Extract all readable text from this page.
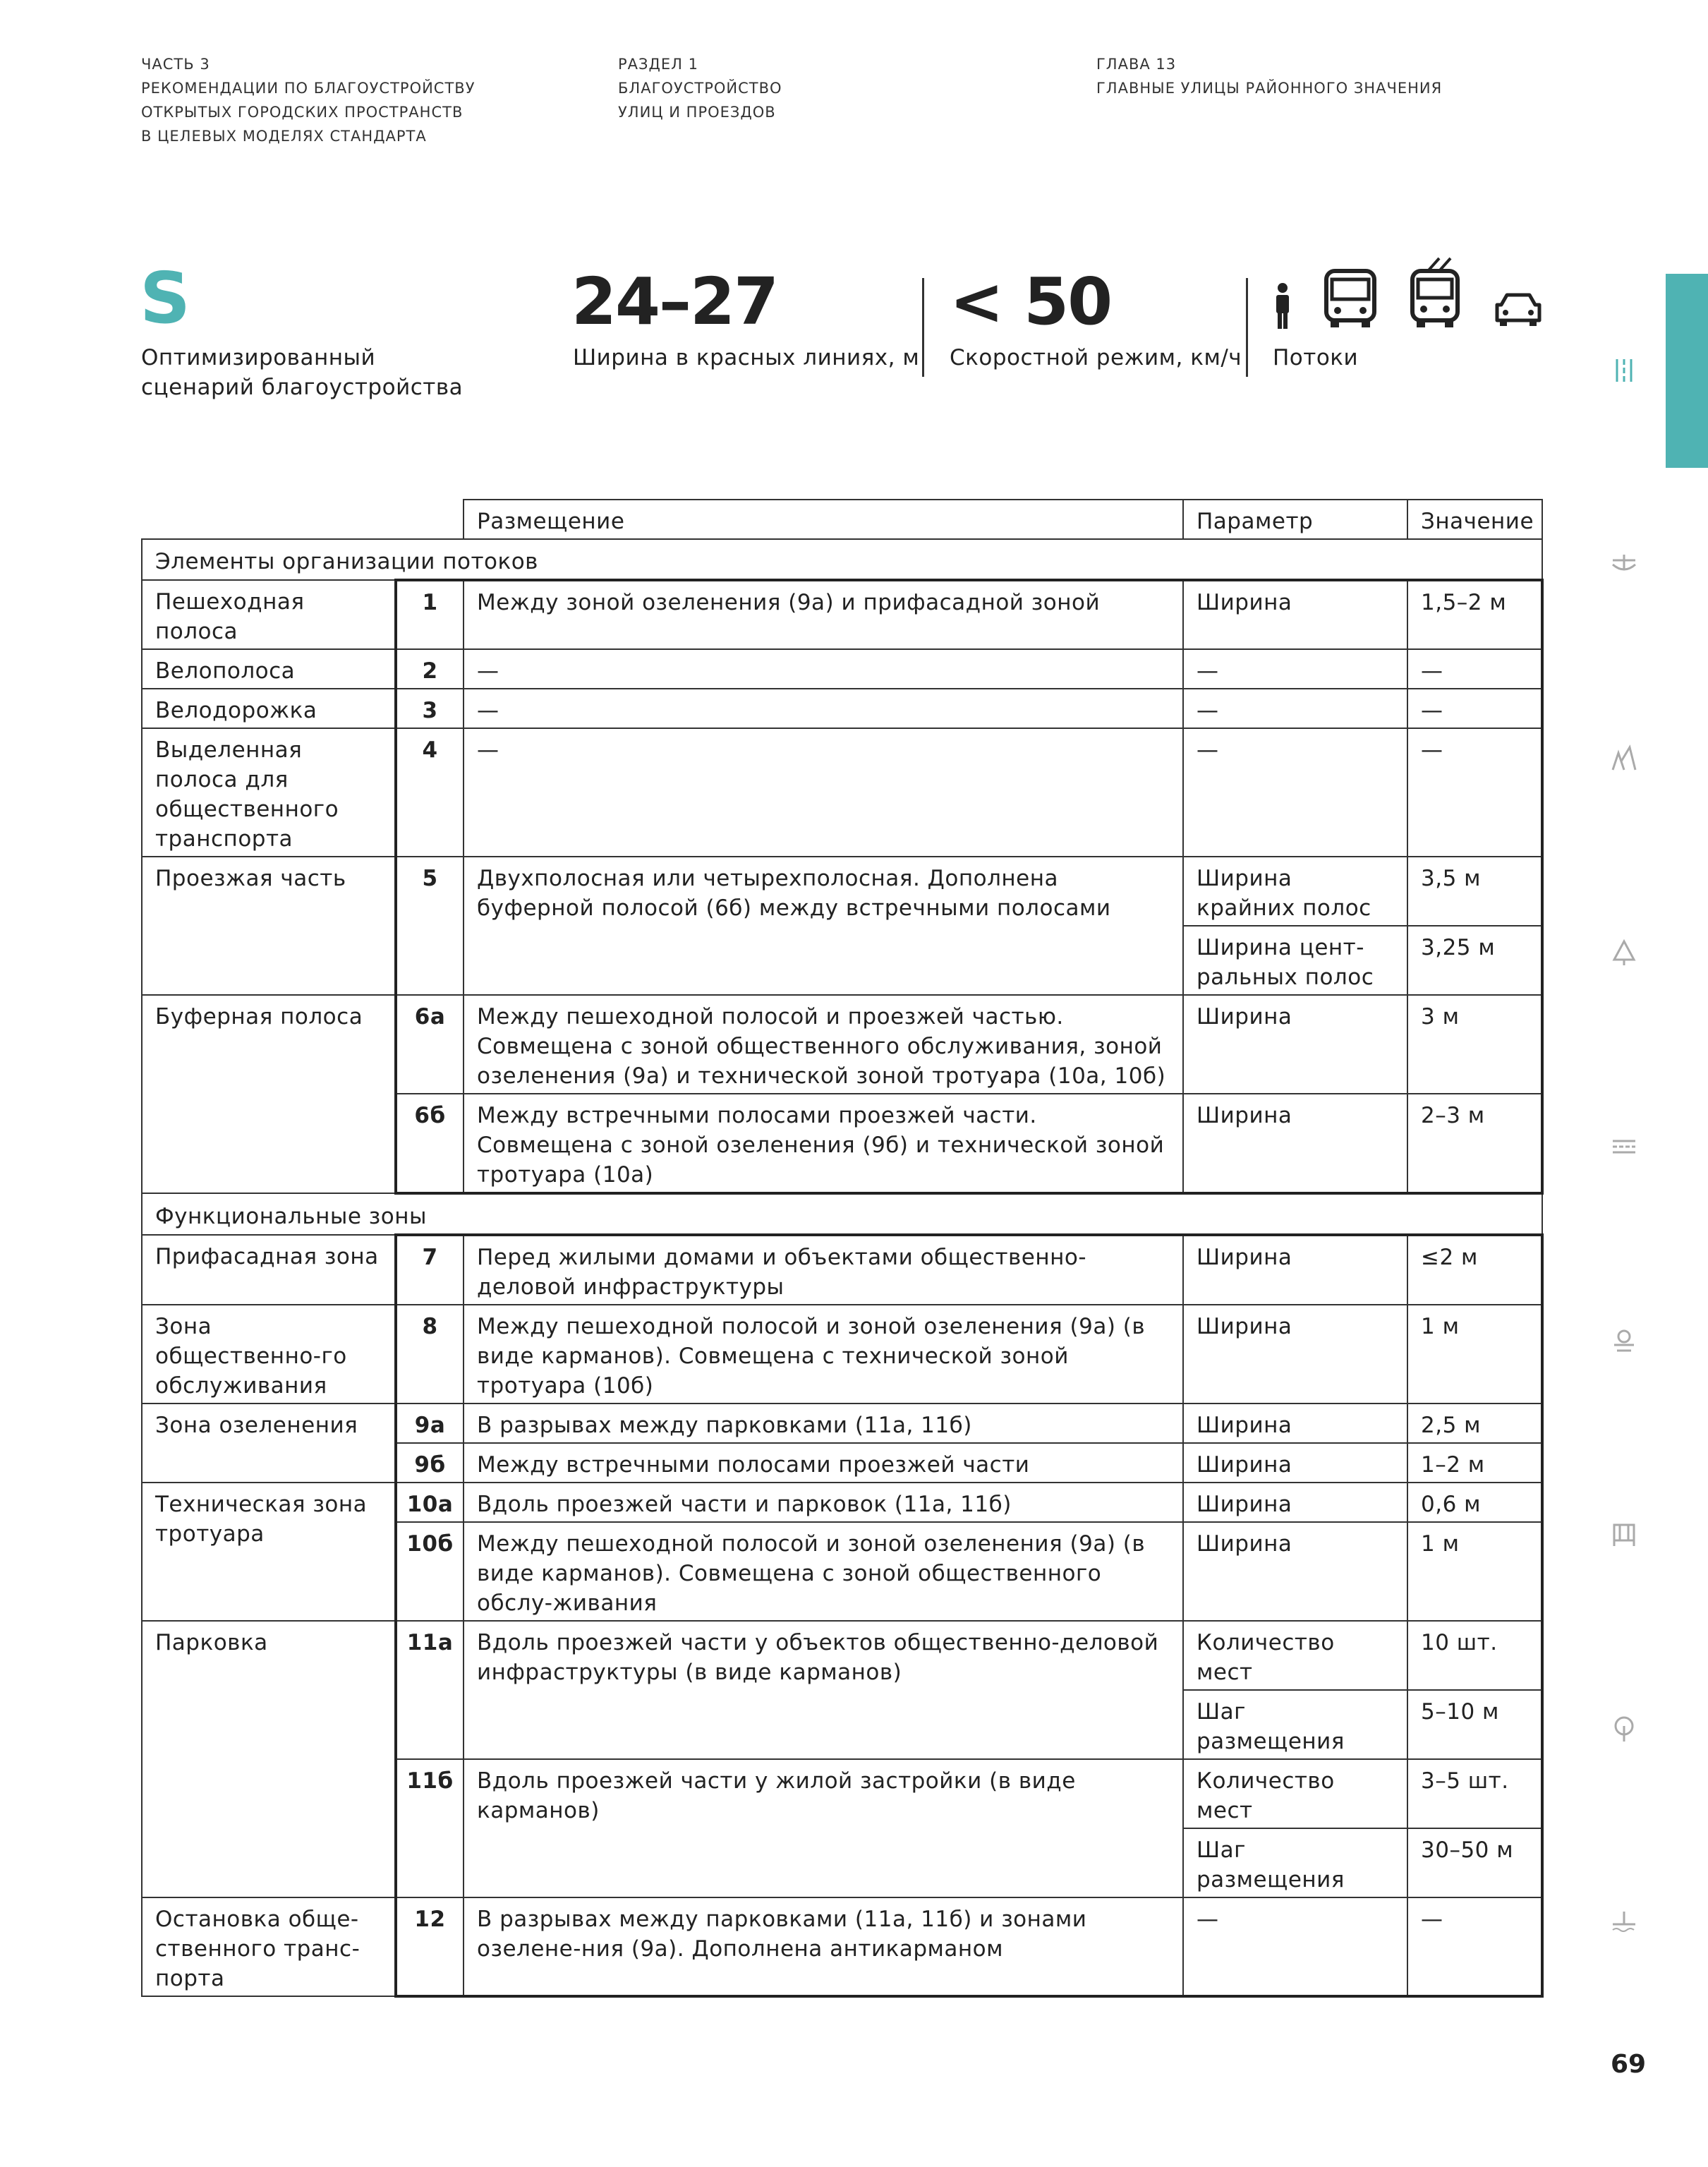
ЧАСТЬ 3
РЕКОМЕНДАЦИИ ПО БЛАГОУСТРОЙСТВУ
ОТКРЫТЫХ ГОРОДСКИХ ПРОСТРАНСТВ
В ЦЕЛЕВЫХ МОДЕЛЯХ СТАНДАРТА
РАЗДЕЛ 1
БЛАГОУСТРОЙСТВО
УЛИЦ И ПРОЕЗДОВ
ГЛАВА 13
ГЛАВНЫЕ УЛИЦЫ РАЙОННОГО ЗНАЧЕНИЯ
S
Оптимизированный
сценарий благоустройства
24–27
Ширина в красных линиях, м
< 50
Скоростной режим, км/ч Потоки
69
		Размещение	Параметр	Значение
Элементы организации потоков				
Пешеходная полоса	1	Между зоной озеленения (9а) и прифасадной зоной	Ширина	1,5–2 м
Велополоса	2	—	—	—
Велодорожка	3	—	—	—
Выделенная полоса для общественного транспорта	4	—	—	—
Проезжая часть	5	Двухполосная или четырехполосная. Дополнена буферной полосой (6б) между встречными полосами	Ширина крайних полос	3,5 м
			Ширина цент-ральных полос	3,25 м
Буферная полоса	6а	Между пешеходной полосой и проезжей частью. Совмещена с зоной общественного обслуживания, зоной озеленения (9а) и технической зоной тротуара (10а, 10б)	Ширина	3 м
	6б	Между встречными полосами проезжей части. Совмещена с зоной озеленения (9б) и технической зоной тротуара (10а)	Ширина	2–3 м
Функциональные зоны				
Прифасадная зона	7	Перед жилыми домами и объектами общественно-деловой инфраструктуры	Ширина	≤2 м
Зона общественно-го обслуживания	8	Между пешеходной полосой и зоной озеленения (9а) (в виде карманов). Совмещена с технической зоной тротуара (10б)	Ширина	1 м
Зона озеленения	9а	В разрывах между парковками (11а, 11б)	Ширина	2,5 м
	9б	Между встречными полосами проезжей части	Ширина	1–2 м
Техническая зона тротуара	10а	Вдоль проезжей части и парковок (11а, 11б)	Ширина	0,6 м
	10б	Между пешеходной полосой и зоной озеленения (9а) (в виде карманов). Совмещена с зоной общественного обслу-живания	Ширина	1 м
Парковка	11а	Вдоль проезжей части у объектов общественно-деловой инфраструктуры (в виде карманов)	Количество мест	10 шт.
			Шаг размещения	5–10 м
	11б	Вдоль проезжей части у жилой застройки (в виде карманов)	Количество мест	3–5 шт.
			Шаг размещения	30–50 м
Остановка обще-ственного транс-порта	12	В разрывах между парковками (11а, 11б) и зонами озелене-ния (9а). Дополнена антикарманом	—	—
